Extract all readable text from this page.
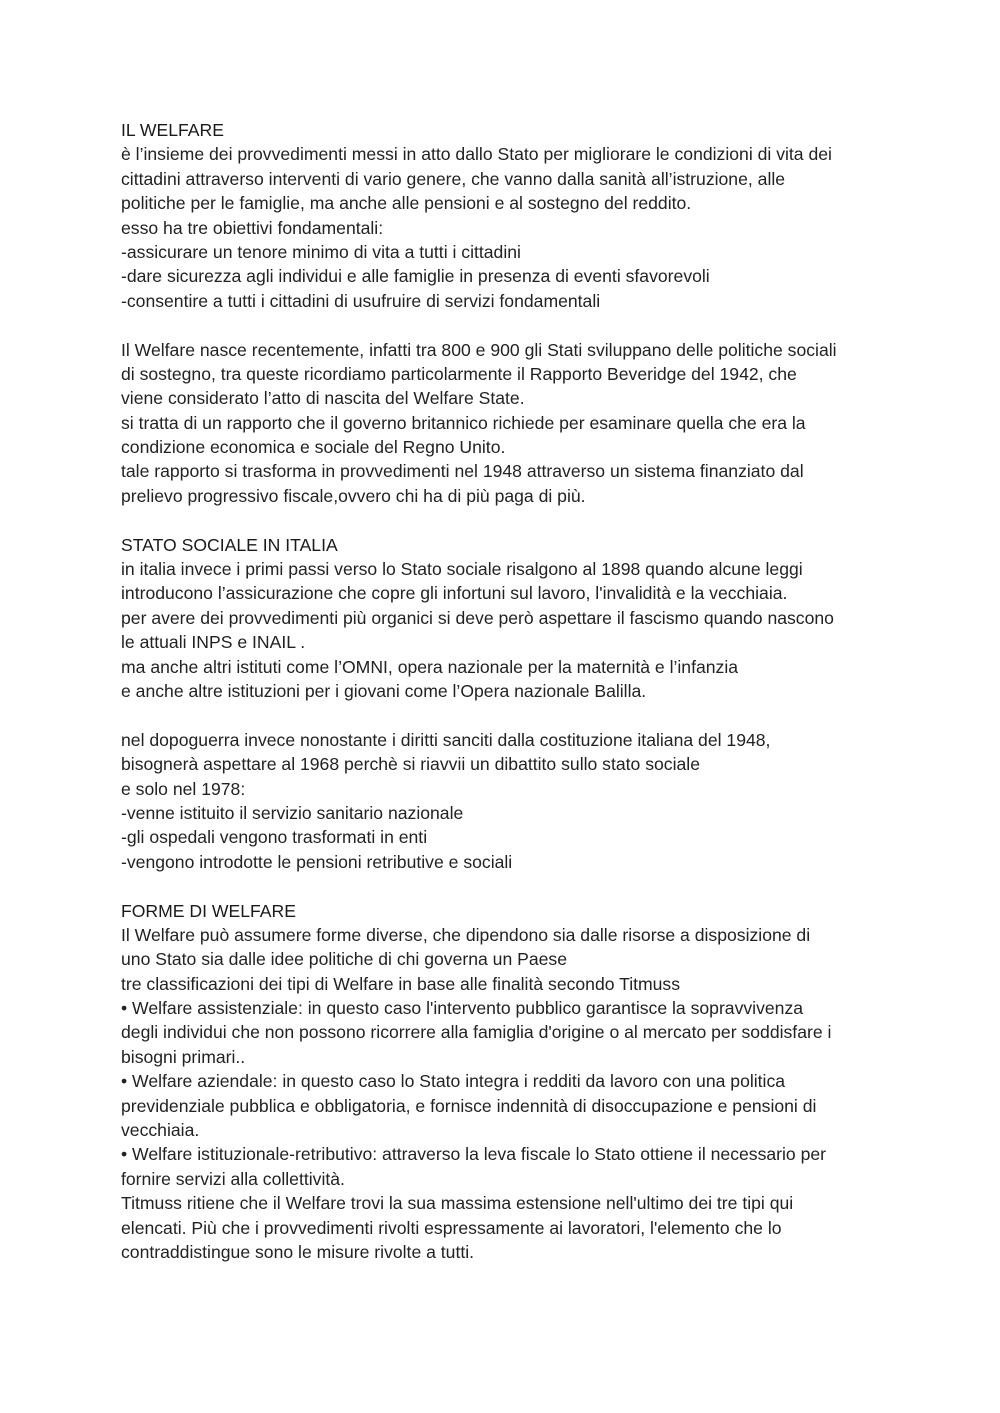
IL WELFARE
è l’insieme dei provvedimenti messi in atto dallo Stato per migliorare le condizioni di vita dei
cittadini attraverso interventi di vario genere, che vanno dalla sanità all’istruzione, alle
politiche per le famiglie, ma anche alle pensioni e al sostegno del reddito.
esso ha tre obiettivi fondamentali:
-assicurare un tenore minimo di vita a tutti i cittadini
-dare sicurezza agli individui e alle famiglie in presenza di eventi sfavorevoli
-consentire a tutti i cittadini di usufruire di servizi fondamentali
Il Welfare nasce recentemente, infatti tra 800 e 900 gli Stati sviluppano delle politiche sociali
di sostegno, tra queste ricordiamo particolarmente il Rapporto Beveridge del 1942, che
viene considerato l’atto di nascita del Welfare State.
si tratta di un rapporto che il governo britannico richiede per esaminare quella che era la
condizione economica e sociale del Regno Unito.
tale rapporto si trasforma in provvedimenti nel 1948 attraverso un sistema finanziato dal
prelievo progressivo fiscale,ovvero chi ha di più paga di più.
STATO SOCIALE IN ITALIA
in italia invece i primi passi verso lo Stato sociale risalgono al 1898 quando alcune leggi
introducono l’assicurazione che copre gli infortuni sul lavoro, l'invalidità e la vecchiaia.
per avere dei provvedimenti più organici si deve però aspettare il fascismo quando nascono
le attuali INPS e INAIL .
ma anche altri istituti come l’OMNI, opera nazionale per la maternità e l’infanzia
e anche altre istituzioni per i giovani come l’Opera nazionale Balilla.
nel dopoguerra invece nonostante i diritti sanciti dalla costituzione italiana del 1948,
bisognerà aspettare al 1968 perchè si riavvii un dibattito sullo stato sociale
e solo nel 1978:
-venne istituito il servizio sanitario nazionale
-gli ospedali vengono trasformati in enti
-vengono introdotte le pensioni retributive e sociali
FORME DI WELFARE
Il Welfare può assumere forme diverse, che dipendono sia dalle risorse a disposizione di
uno Stato sia dalle idee politiche di chi governa un Paese
tre classificazioni dei tipi di Welfare in base alle finalità secondo Titmuss
• Welfare assistenziale: in questo caso l'intervento pubblico garantisce la sopravvivenza
degli individui che non possono ricorrere alla famiglia d'origine o al mercato per soddisfare i
bisogni primari..
• Welfare aziendale: in questo caso lo Stato integra i redditi da lavoro con una politica
previdenziale pubblica e obbligatoria, e fornisce indennità di disoccupazione e pensioni di
vecchiaia.
• Welfare istituzionale-retributivo: attraverso la leva fiscale lo Stato ottiene il necessario per
fornire servizi alla collettività.
Titmuss ritiene che il Welfare trovi la sua massima estensione nell'ultimo dei tre tipi qui
elencati. Più che i provvedimenti rivolti espressamente ai lavoratori, l'elemento che lo
contraddistingue sono le misure rivolte a tutti.
